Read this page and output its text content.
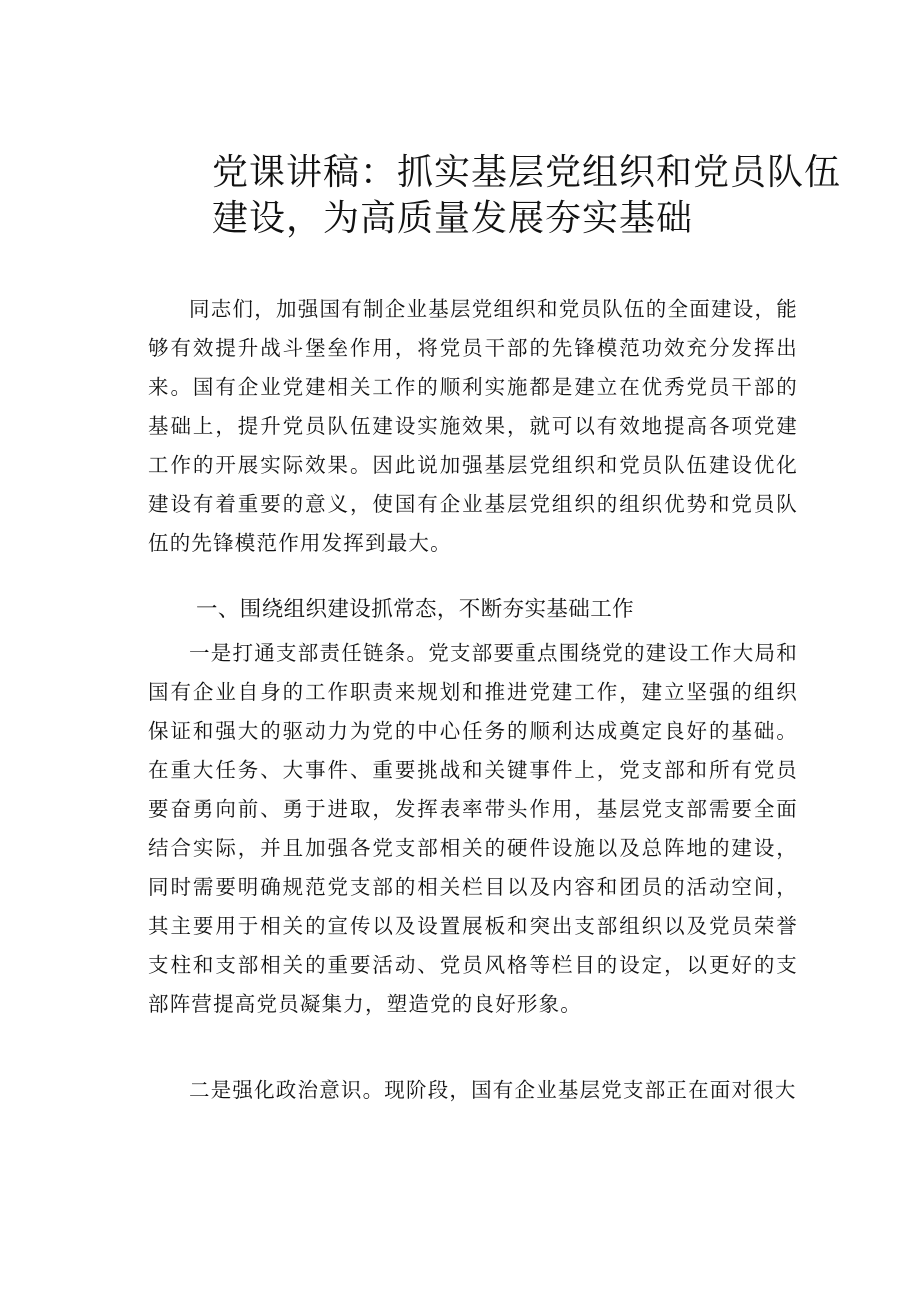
党课讲稿：抓实基层党组织和党员队伍
建设，为高质量发展夯实基础

同志们，加强国有制企业基层党组织和党员队伍的全面建设，能够有效提升战斗堡垒作用，将党员干部的先锋模范功效充分发挥出来。国有企业党建相关工作的顺利实施都是建立在优秀党员干部的基础上，提升党员队伍建设实施效果，就可以有效地提高各项党建工作的开展实际效果。因此说加强基层党组织和党员队伍建设优化建设有着重要的意义，使国有企业基层党组织的组织优势和党员队伍的先锋模范作用发挥到最大。

一、围绕组织建设抓常态，不断夯实基础工作

一是打通支部责任链条。党支部要重点围绕党的建设工作大局和国有企业自身的工作职责来规划和推进党建工作，建立坚强的组织保证和强大的驱动力为党的中心任务的顺利达成奠定良好的基础。在重大任务、大事件、重要挑战和关键事件上，党支部和所有党员要奋勇向前、勇于进取，发挥表率带头作用，基层党支部需要全面结合实际，并且加强各党支部相关的硬件设施以及总阵地的建设，同时需要明确规范党支部的相关栏目以及内容和团员的活动空间，其主要用于相关的宣传以及设置展板和突出支部组织以及党员荣誉支柱和支部相关的重要活动、党员风格等栏目的设定，以更好的支部阵营提高党员凝集力，塑造党的良好形象。

二是强化政治意识。现阶段，国有企业基层党支部正在面对很大
